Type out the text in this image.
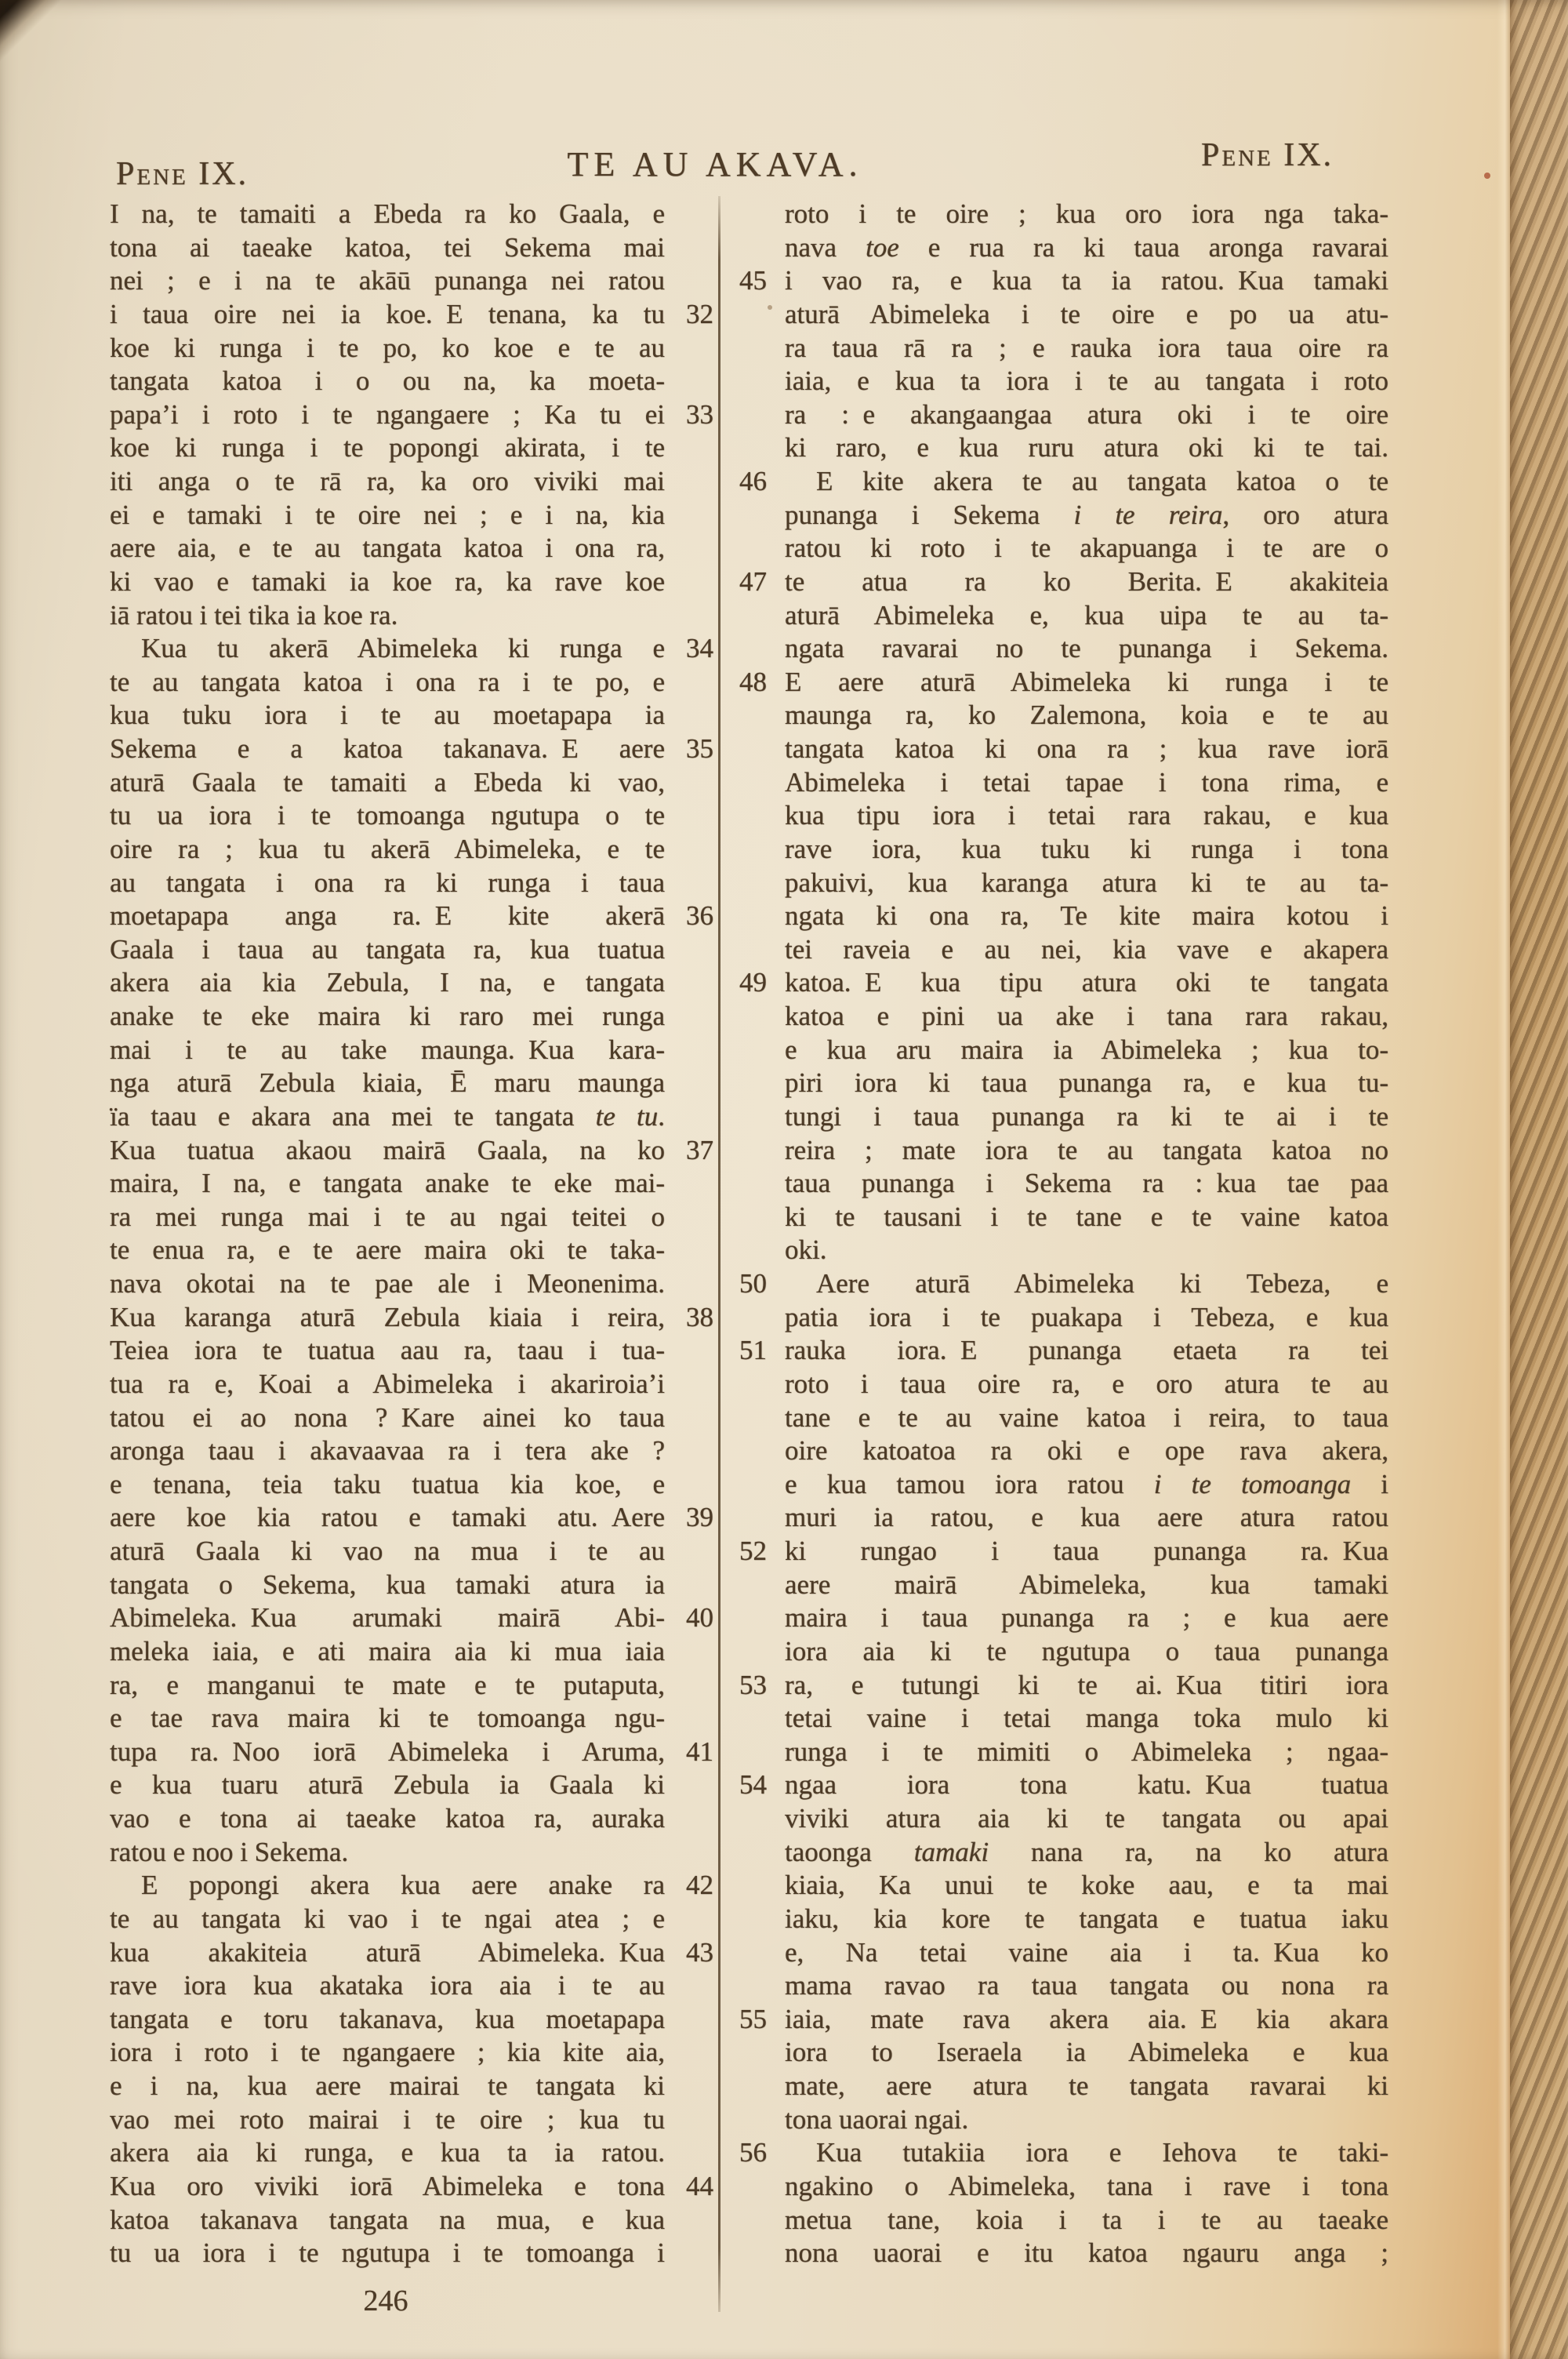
Pene IX.	TE AU AKAVA.	Pene IX.
I na, te tamaiti a Ebeda ra ko Gaala, e
tona ai taeake katoa, tei Sekema mai
nei ; e i na te akāū punanga nei ratou
32
i taua oire nei ia koe. E tenana, ka tu
koe ki runga i te po, ko koe e te au
tangata katoa i o ou na, ka moeta-
33
papa’i i roto i te ngangaere ; Ka tu ei
koe ki runga i te popongi akirata, i te
iti anga o te rā ra, ka oro viviki mai
ei e tamaki i te oire nei ; e i na, kia
aere aia, e te au tangata katoa i ona ra,
ki vao e tamaki ia koe ra, ka rave koe
iā ratou i tei tika ia koe ra.
34
Kua tu akerā Abimeleka ki runga e
te au tangata katoa i ona ra i te po, e
kua tuku iora i te au moetapapa ia
35
Sekema e a katoa takanava. E aere
aturā Gaala te tamaiti a Ebeda ki vao,
tu ua iora i te tomoanga ngutupa o te
oire ra ; kua tu akerā Abimeleka, e te
au tangata i ona ra ki runga i taua
36
moetapapa anga ra. E kite akerā
Gaala i taua au tangata ra, kua tuatua
akera aia kia Zebula, I na, e tangata
anake te eke maira ki raro mei runga
mai i te au take maunga. Kua kara-
nga aturā Zebula kiaia, Ē maru maunga
ïa taau e akara ana mei te tangata te tu.
37
Kua tuatua akaou mairā Gaala, na ko
maira, I na, e tangata anake te eke mai-
ra mei runga mai i te au ngai teitei o
te enua ra, e te aere maira oki te taka-
nava okotai na te pae ale i Meonenima.
38
Kua karanga aturā Zebula kiaia i reira,
Teiea iora te tuatua aau ra, taau i tua-
tua ra e, Koai a Abimeleka i akariroia’i
tatou ei ao nona ? Kare ainei ko taua
aronga taau i akavaavaa ra i tera ake ?
e tenana, teia taku tuatua kia koe, e
39
aere koe kia ratou e tamaki atu. Aere
aturā Gaala ki vao na mua i te au
tangata o Sekema, kua tamaki atura ia
40
Abimeleka. Kua arumaki mairā Abi-
meleka iaia, e ati maira aia ki mua iaia
ra, e manganui te mate e te putaputa,
e tae rava maira ki te tomoanga ngu-
41
tupa ra. Noo iorā Abimeleka i Aruma,
e kua tuaru aturā Zebula ia Gaala ki
vao e tona ai taeake katoa ra, auraka
ratou e noo i Sekema.
42
E popongi akera kua aere anake ra
te au tangata ki vao i te ngai atea ; e
43
kua akakiteia aturā Abimeleka. Kua
rave iora kua akataka iora aia i te au
tangata e toru takanava, kua moetapapa
iora i roto i te ngangaere ; kia kite aia,
e i na, kua aere mairai te tangata ki
vao mei roto mairai i te oire ; kua tu
akera aia ki runga, e kua ta ia ratou.
44
Kua oro viviki iorā Abimeleka e tona
katoa takanava tangata na mua, e kua
tu ua iora i te ngutupa i te tomoanga i
roto i te oire ; kua oro iora nga taka-
nava toe e rua ra ki taua aronga ravarai
45 i vao ra, e kua ta ia ratou. Kua tamaki
aturā Abimeleka i te oire e po ua atu-
ra taua rā ra ; e rauka iora taua oire ra
iaia, e kua ta iora i te au tangata i roto
ra : e akangaangaa atura oki i te oire
ki raro, e kua ruru atura oki ki te tai.
46	E kite akera te au tangata katoa o te
punanga i Sekema i te reira, oro atura
ratou ki roto i te akapuanga i te are o
47 te atua ra ko Berita. E akakiteia
aturā Abimeleka e, kua uipa te au ta-
ngata ravarai no te punanga i Sekema.
48 E aere aturā Abimeleka ki runga i te
maunga ra, ko Zalemona, koia e te au
tangata katoa ki ona ra ; kua rave iorā
Abimeleka i tetai tapae i tona rima, e
kua tipu iora i tetai rara rakau, e kua
rave iora, kua tuku ki runga i tona
pakuivi, kua karanga atura ki te au ta-
ngata ki ona ra, Te kite maira kotou i
tei raveia e au nei, kia vave e akapera
49 katoa. E kua tipu atura oki te tangata
katoa e pini ua ake i tana rara rakau,
e kua aru maira ia Abimeleka ; kua to-
piri iora ki taua punanga ra, e kua tu-
tungi i taua punanga ra ki te ai i te
reira ; mate iora te au tangata katoa no
taua punanga i Sekema ra : kua tae paa
ki te tausani i te tane e te vaine katoa
oki.
50	Aere aturā Abimeleka ki Tebeza, e
patia iora i te puakapa i Tebeza, e kua
51 rauka iora. E punanga etaeta ra tei
roto i taua oire ra, e oro atura te au
tane e te au vaine katoa i reira, to taua
oire katoatoa ra oki e ope rava akera,
e kua tamou iora ratou i te tomoanga i
muri ia ratou, e kua aere atura ratou
52 ki rungao i taua punanga ra. Kua
aere mairā Abimeleka, kua tamaki
maira i taua punanga ra ; e kua aere
iora aia ki te ngutupa o taua punanga
53 ra, e tutungi ki te ai. Kua titiri iora
tetai vaine i tetai manga toka mulo ki
runga i te mimiti o Abimeleka ; ngaa-
54 ngaa iora tona katu. Kua tuatua
viviki atura aia ki te tangata ou apai
taoonga tamaki nana ra, na ko atura
kiaia, Ka unui te koke aau, e ta mai
iaku, kia kore te tangata e tuatua iaku
e, Na tetai vaine aia i ta. Kua ko
mama ravao ra taua tangata ou nona ra
55 iaia, mate rava akera aia. E kia akara
iora to Iseraela ia Abimeleka e kua
mate, aere atura te tangata ravarai ki
tona uaorai ngai.
56	Kua tutakiia iora e Iehova te taki-
ngakino o Abimeleka, tana i rave i tona
metua tane, koia i ta i te au taeake
nona uaorai e itu katoa ngauru anga ;
246
